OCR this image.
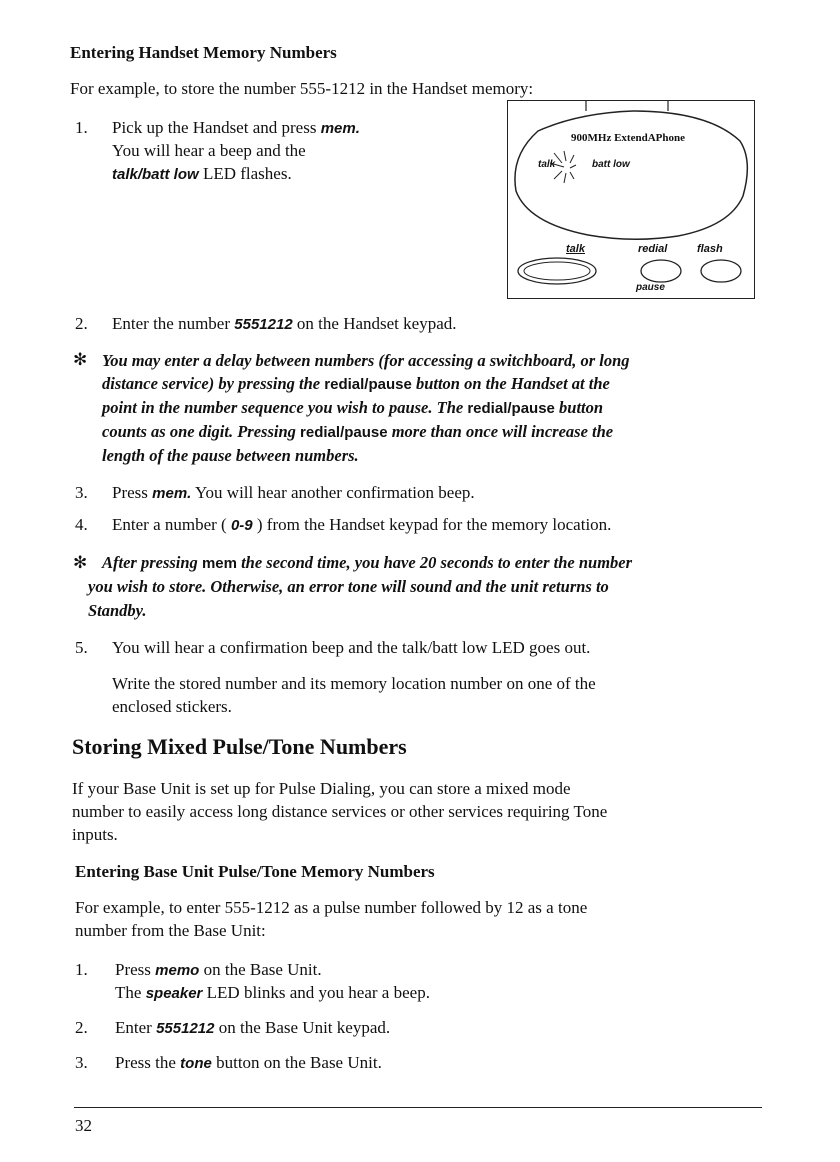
Entering Handset Memory Numbers
For example, to store the number 555-1212 in the Handset memory:
1. Pick up the Handset and press mem.
You will hear a beep and the
talk/batt low LED flashes.
900MHz ExtendAPhone
talk	batt low
talk	redial	flash
pause
2. Enter the number 5551212 on the Handset keypad.
✻ You may enter a delay between numbers (for accessing a switchboard, or long
distance service) by pressing the redial/pause button on the Handset at the
point in the number sequence you wish to pause. The redial/pause button
counts as one digit. Pressing redial/pause more than once will increase the
length of the pause between numbers.
3. Press mem. You will hear another confirmation beep.
4. Enter a number ( 0-9 ) from the Handset keypad for the memory location.
✻ After pressing mem the second time, you have 20 seconds to enter the number
you wish to store. Otherwise, an error tone will sound and the unit returns to
Standby.
5. You will hear a confirmation beep and the talk/batt low LED goes out.
Write the stored number and its memory location number on one of the
enclosed stickers.
Storing Mixed Pulse/Tone Numbers
If your Base Unit is set up for Pulse Dialing, you can store a mixed mode
number to easily access long distance services or other services requiring Tone
inputs.
Entering Base Unit Pulse/Tone Memory Numbers
For example, to enter 555-1212 as a pulse number followed by 12 as a tone
number from the Base Unit:
1. Press memo on the Base Unit.
The speaker LED blinks and you hear a beep.
2. Enter 5551212 on the Base Unit keypad.
3. Press the tone button on the Base Unit.
32
